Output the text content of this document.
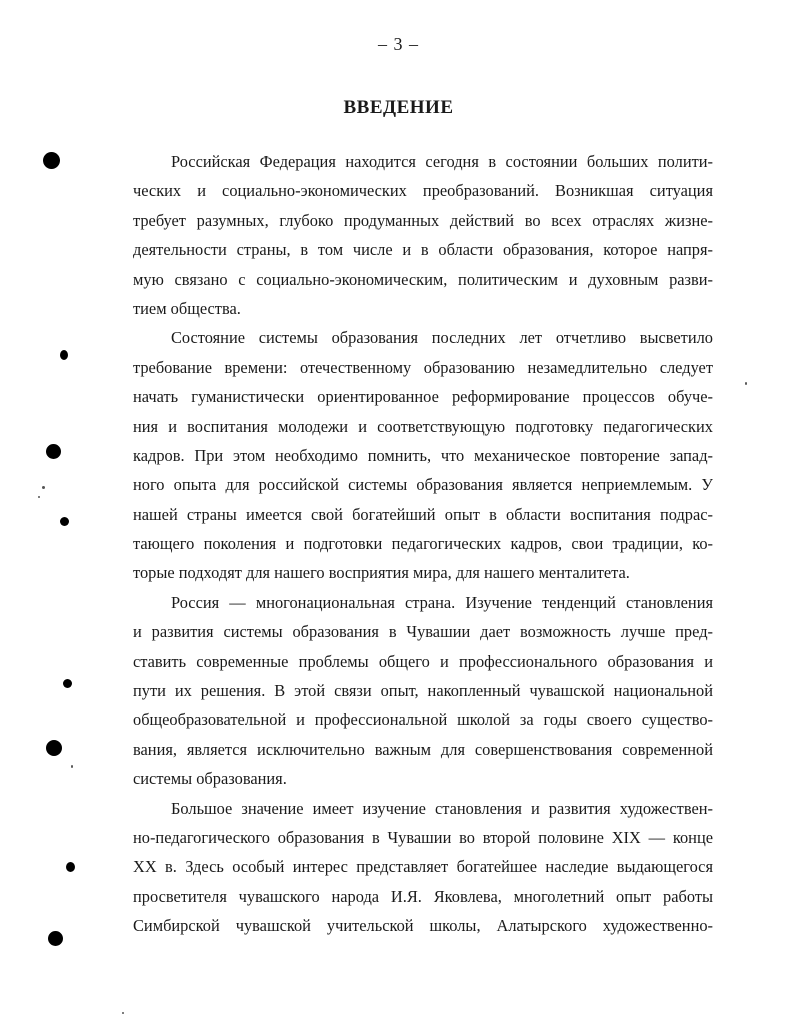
– 3 –
ВВЕДЕНИЕ
Российская Федерация находится сегодня в состоянии больших полити-
ческих и социально-экономических преобразований. Возникшая ситуация
требует разумных, глубоко продуманных действий во всех отраслях жизне-
деятельности страны, в том числе и в области образования, которое напря-
мую связано с социально-экономическим, политическим и духовным разви-
тием общества.
Состояние системы образования последних лет отчетливо высветило
требование времени: отечественному образованию незамедлительно следует
начать гуманистически ориентированное реформирование процессов обуче-
ния и воспитания молодежи и соответствующую подготовку педагогических
кадров. При этом необходимо помнить, что механическое повторение запад-
ного опыта для российской системы образования является неприемлемым. У
нашей страны имеется свой богатейший опыт в области воспитания подрас-
тающего поколения и подготовки педагогических кадров, свои традиции, ко-
торые подходят для нашего восприятия мира, для нашего менталитета.
Россия — многонациональная страна. Изучение тенденций становления
и развития системы образования в Чувашии дает возможность лучше пред-
ставить современные проблемы общего и профессионального образования и
пути их решения. В этой связи опыт, накопленный чувашской национальной
общеобразовательной и профессиональной школой за годы своего существо-
вания, является исключительно важным для совершенствования современной
системы образования.
Большое значение имеет изучение становления и развития художествен-
но-педагогического образования в Чувашии во второй половине XIX — конце
XX в. Здесь особый интерес представляет богатейшее наследие выдающегося
просветителя чувашского народа И.Я. Яковлева, многолетний опыт работы
Симбирской чувашской учительской школы, Алатырского художественно-
